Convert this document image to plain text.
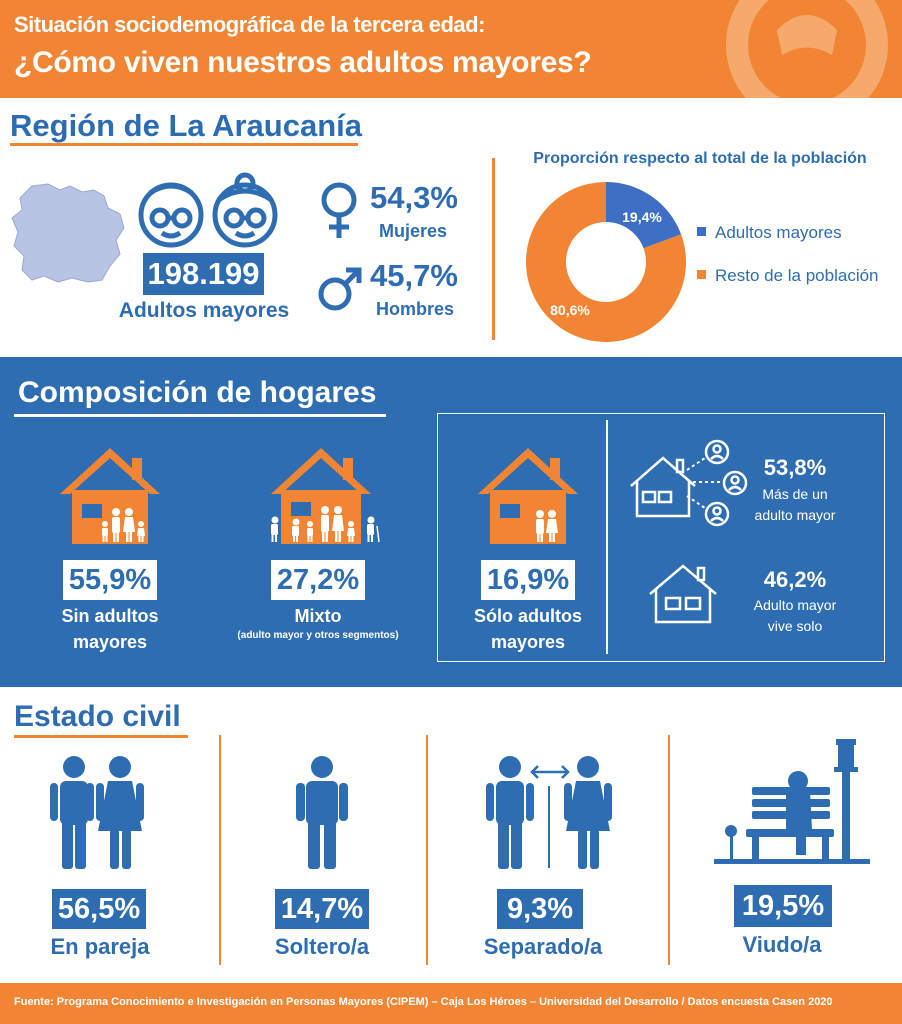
Situación sociodemográfica de la tercera edad:
¿Cómo viven nuestros adultos mayores?
Región de La Araucanía
198.199
Adultos mayores
54,3%
Mujeres
45,7%
Hombres
Proporción respecto al total de la población
19,4%
80,6%
Adultos mayores
Resto de la población
Composición de hogares
55,9%
Sin adultos
mayores
27,2%
Mixto
(adulto mayor y otros segmentos)
16,9%
Sólo adultos
mayores
53,8%
Más de un
adulto mayor
46,2%
Adulto mayor
vive solo
Estado civil
56,5%
En pareja
14,7%
Soltero/a
9,3%
Separado/a
19,5%
Viudo/a
Fuente: Programa Conocimiento e Investigación en Personas Mayores (CIPEM) – Caja Los Héroes – Universidad del Desarrollo / Datos encuesta Casen 2020
